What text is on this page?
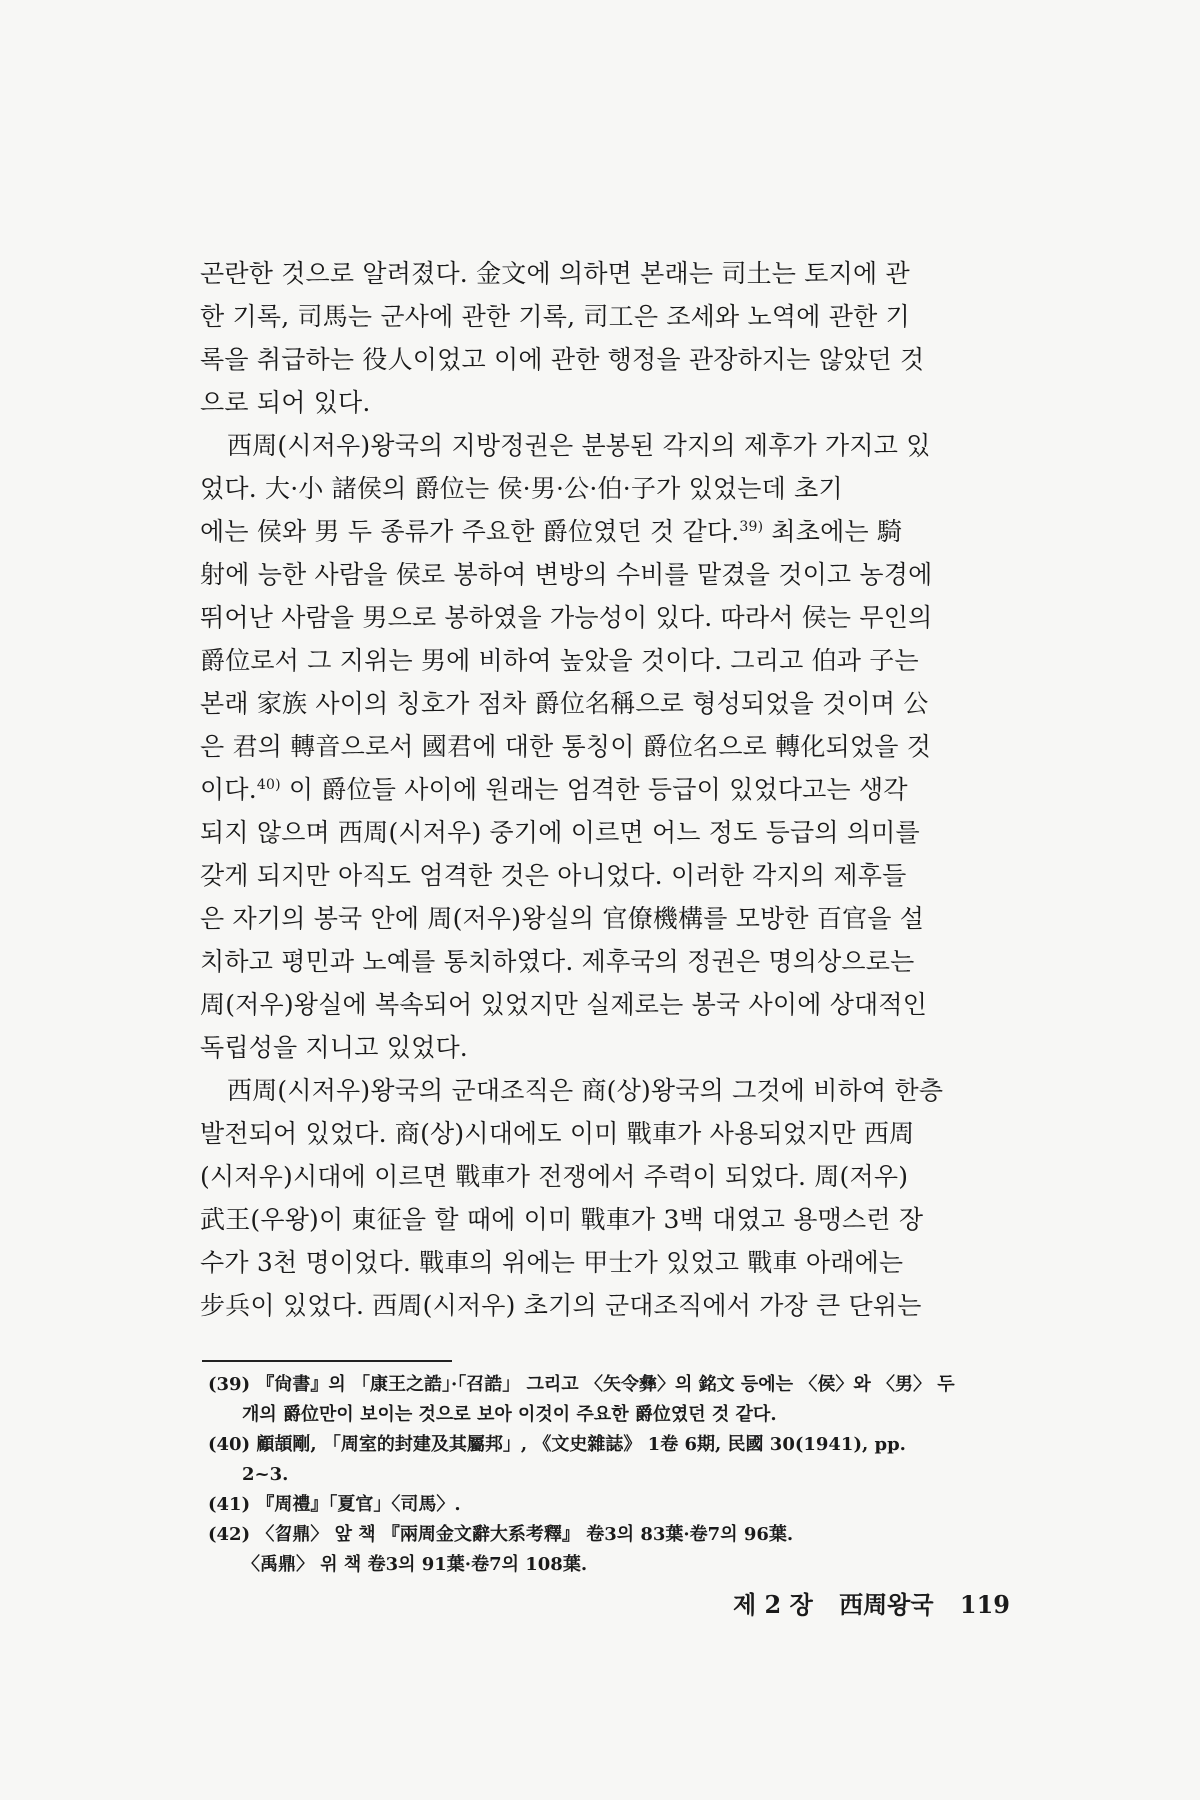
곤란한 것으로 알려졌다. 金文에 의하면 본래는 司土는 토지에 관
한 기록, 司馬는 군사에 관한 기록, 司工은 조세와 노역에 관한 기
록을 취급하는 役人이었고 이에 관한 행정을 관장하지는 않았던 것
으로 되어 있다.
西周(시저우)왕국의 지방정권은 분봉된 각지의 제후가 가지고 있
었다. 大·小 諸侯의 爵位는 侯·男·公·伯·子가 있었는데 초기
에는 侯와 男 두 종류가 주요한 爵位였던 것 같다.$^{39)}$ 최초에는 騎
射에 능한 사람을 侯로 봉하여 변방의 수비를 맡겼을 것이고 농경에
뛰어난 사람을 男으로 봉하였을 가능성이 있다. 따라서 侯는 무인의
爵位로서 그 지위는 男에 비하여 높았을 것이다. 그리고 伯과 子는
본래 家族 사이의 칭호가 점차 爵位名稱으로 형성되었을 것이며 公
은 君의 轉音으로서 國君에 대한 통칭이 爵位名으로 轉化되었을 것
이다.$^{40)}$ 이 爵位들 사이에 원래는 엄격한 등급이 있었다고는 생각
되지 않으며 西周(시저우) 중기에 이르면 어느 정도 등급의 의미를
갖게 되지만 아직도 엄격한 것은 아니었다. 이러한 각지의 제후들
은 자기의 봉국 안에 周(저우)왕실의 官僚機構를 모방한 百官을 설
치하고 평민과 노예를 통치하였다. 제후국의 정권은 명의상으로는
周(저우)왕실에 복속되어 있었지만 실제로는 봉국 사이에 상대적인
독립성을 지니고 있었다.
西周(시저우)왕국의 군대조직은 商(상)왕국의 그것에 비하여 한층
발전되어 있었다. 商(상)시대에도 이미 戰車가 사용되었지만 西周
(시저우)시대에 이르면 戰車가 전쟁에서 주력이 되었다. 周(저우)
武王(우왕)이 東征을 할 때에 이미 戰車가 3백 대였고 용맹스런 장
수가 3천 명이었다. 戰車의 위에는 甲士가 있었고 戰車 아래에는
步兵이 있었다. 西周(시저우) 초기의 군대조직에서 가장 큰 단위는
(39) 『尙書』의 「康王之誥」·「召誥」 그리고 〈矢令彝〉의 銘文 등에는 〈侯〉와 〈男〉 두
개의 爵位만이 보이는 것으로 보아 이것이 주요한 爵位였던 것 같다.
(40) 顧頡剛, 「周室的封建及其屬邦」, 《文史雜誌》 1卷 6期, 民國 30(1941), pp.
2~3.
(41) 『周禮』「夏官」〈司馬〉.
(42) 〈曶鼎〉 앞 책 『兩周金文辭大系考釋』 卷3의 83葉·卷7의 96葉.
〈禹鼎〉 위 책 卷3의 91葉·卷7의 108葉.
제 2 장 西周왕국 119
